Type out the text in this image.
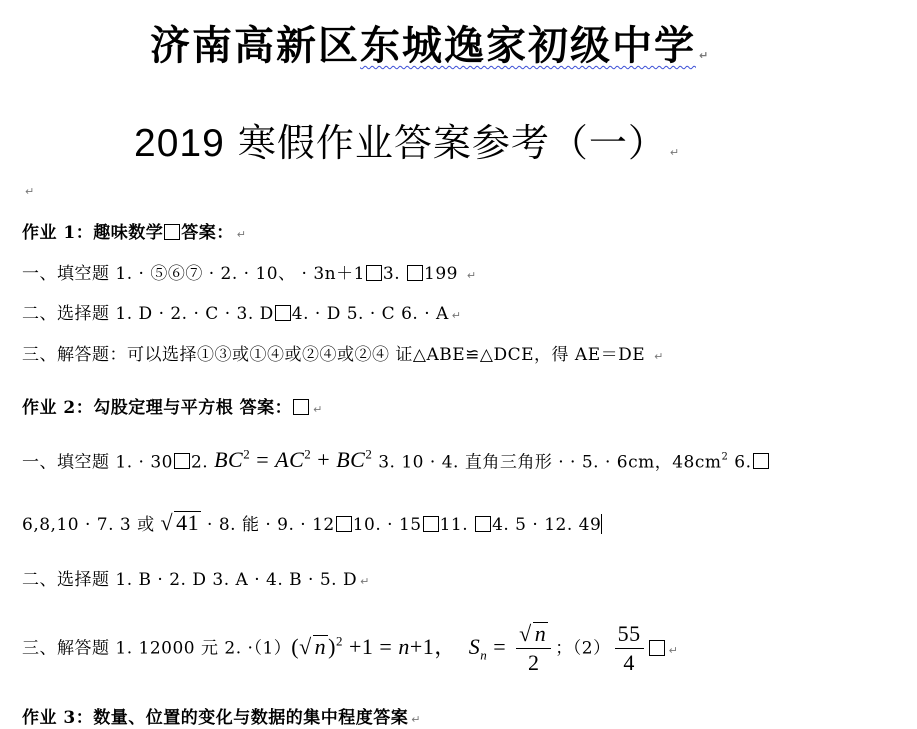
济南高新区东城逸家初级中学 ↵
2019 寒假作业答案参考（一） ↵
↵
作业 1：趣味数学 答案： ↵
一、填空题 1. · ⑤⑥⑦ · 2. · 10、 · 3n＋1 3. 199 ↵
二、选择题 1. D · 2. · C · 3. D 4. · D 5. · C 6. · A ↵
三、解答题：可以选择①③或①④或②④或②④ 证△ABE≌△DCE，得 AE＝DE ↵
作业 2：勾股定理与平方根 答案： ↵
一、填空题 1. · 30 2. $BC^2 = AC^2 + BC^2$ 3. 10 · 4. 直角三角形 · · 5. · 6cm，$48cm^2$ 6.
6,8,10 · 7. 3 或 √ 41 · 8. 能 · 9. · 12 10. · 15 11. 4. 5 · 12. 49
二、选择题 1. B · 2. D 3. A · 4. B · 5. D ↵
三、解答题 1. 12000 元 2. ·（1）(√ n)$^2$ +1 = n+1， $S_n = \frac{√ n}{2}$ ；$(2) \frac{55}{4}$ ↵
作业 3：数量、位置的变化与数据的集中程度答案 ↵
